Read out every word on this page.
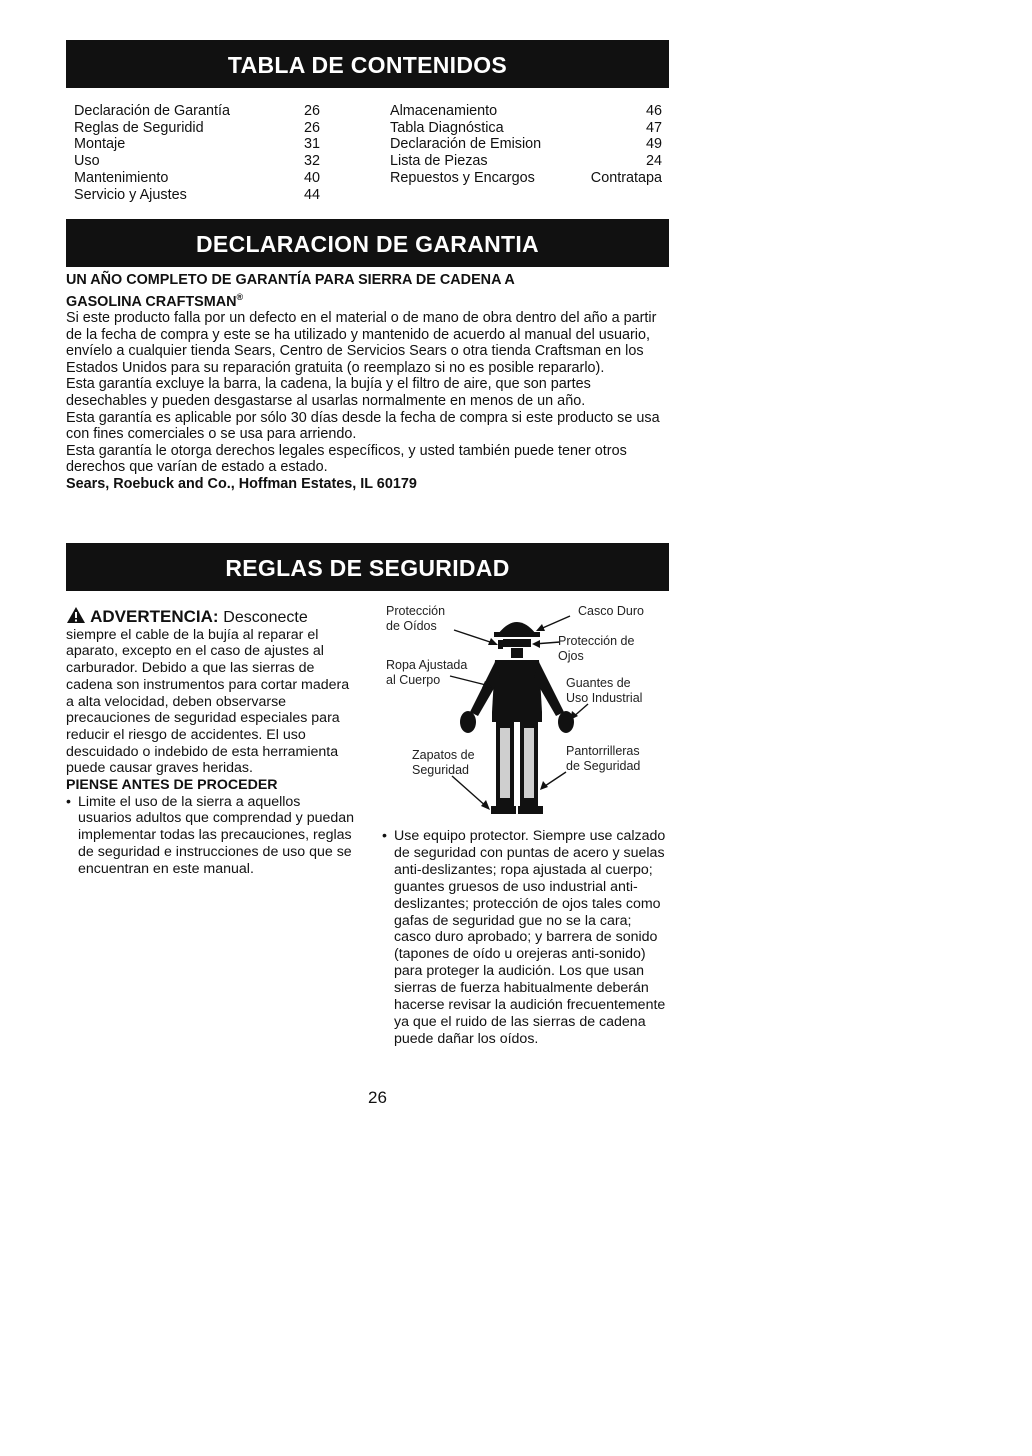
TABLA DE CONTENIDOS
Declaración de Garantía	26
Reglas de Seguridid	26
Montaje	31
Uso	32
Mantenimiento	40
Servicio y Ajustes	44
Almacenamiento	46
Tabla Diagnóstica	47
Declaración de Emision	49
Lista de Piezas	24
Repuestos y Encargos	Contratapa
DECLARACION DE GARANTIA

UN AÑO COMPLETO DE GARANTÍA PARA SIERRA DE CADENA A
GASOLINA CRAFTSMAN®

Si este producto falla por un defecto en el material o de mano de obra dentro del año a partir de la fecha de compra y este se ha utilizado y mantenido de acuerdo al manual del usuario, envíelo a cualquier tienda Sears, Centro de Servicios Sears o otra tienda Craftsman en los Estados Unidos para su reparación gratuita (o reemplazo si no es posible repararlo).

Esta garantía excluye la barra, la cadena, la bujía y el filtro de aire, que son partes desechables y pueden desgastarse al usarlas normalmente en menos de un año.

Esta garantía es aplicable por sólo 30 días desde la fecha de compra si este producto se usa con fines comerciales o se usa para arriendo.

Esta garantía le otorga derechos legales específicos, y usted también puede tener otros derechos que varían de estado a estado.

Sears, Roebuck and Co., Hoffman Estates, IL 60179

REGLAS DE SEGURIDAD

ADVERTENCIA: Desconecte
siempre el cable de la bujía al reparar el aparato, excepto en el caso de ajustes al carburador. Debido a que las sierras de cadena son instrumentos para cortar madera a alta velocidad, deben observarse precauciones de seguridad especiales para reducir el riesgo de accidentes. El uso descuidado o indebido de esta herramienta puede causar graves heridas.

PIENSE ANTES DE PROCEDER

• Limite el uso de la sierra a aquellos usuarios adultos que comprendad y puedan implementar todas las precauciones, reglas de seguridad e instrucciones de uso que se encuentran en este manual.
Protección
de Oídos
Ropa Ajustada
al Cuerpo
Zapatos de
Seguridad
Casco Duro
Protección de
Ojos
Guantes de
Uso Industrial
Pantorrilleras
de Seguridad
• Use equipo protector. Siempre use calzado de seguridad con puntas de acero y suelas anti-deslizantes; ropa ajustada al cuerpo; guantes gruesos de uso industrial anti-deslizantes; protección de ojos tales como gafas de seguridad gue no se la cara; casco duro aprobado; y barrera de sonido (tapones de oído u orejeras anti-sonido) para proteger la audición. Los que usan sierras de fuerza habitualmente deberán hacerse revisar la audición frecuentemente ya que el ruido de las sierras de cadena puede dañar los oídos.
26
